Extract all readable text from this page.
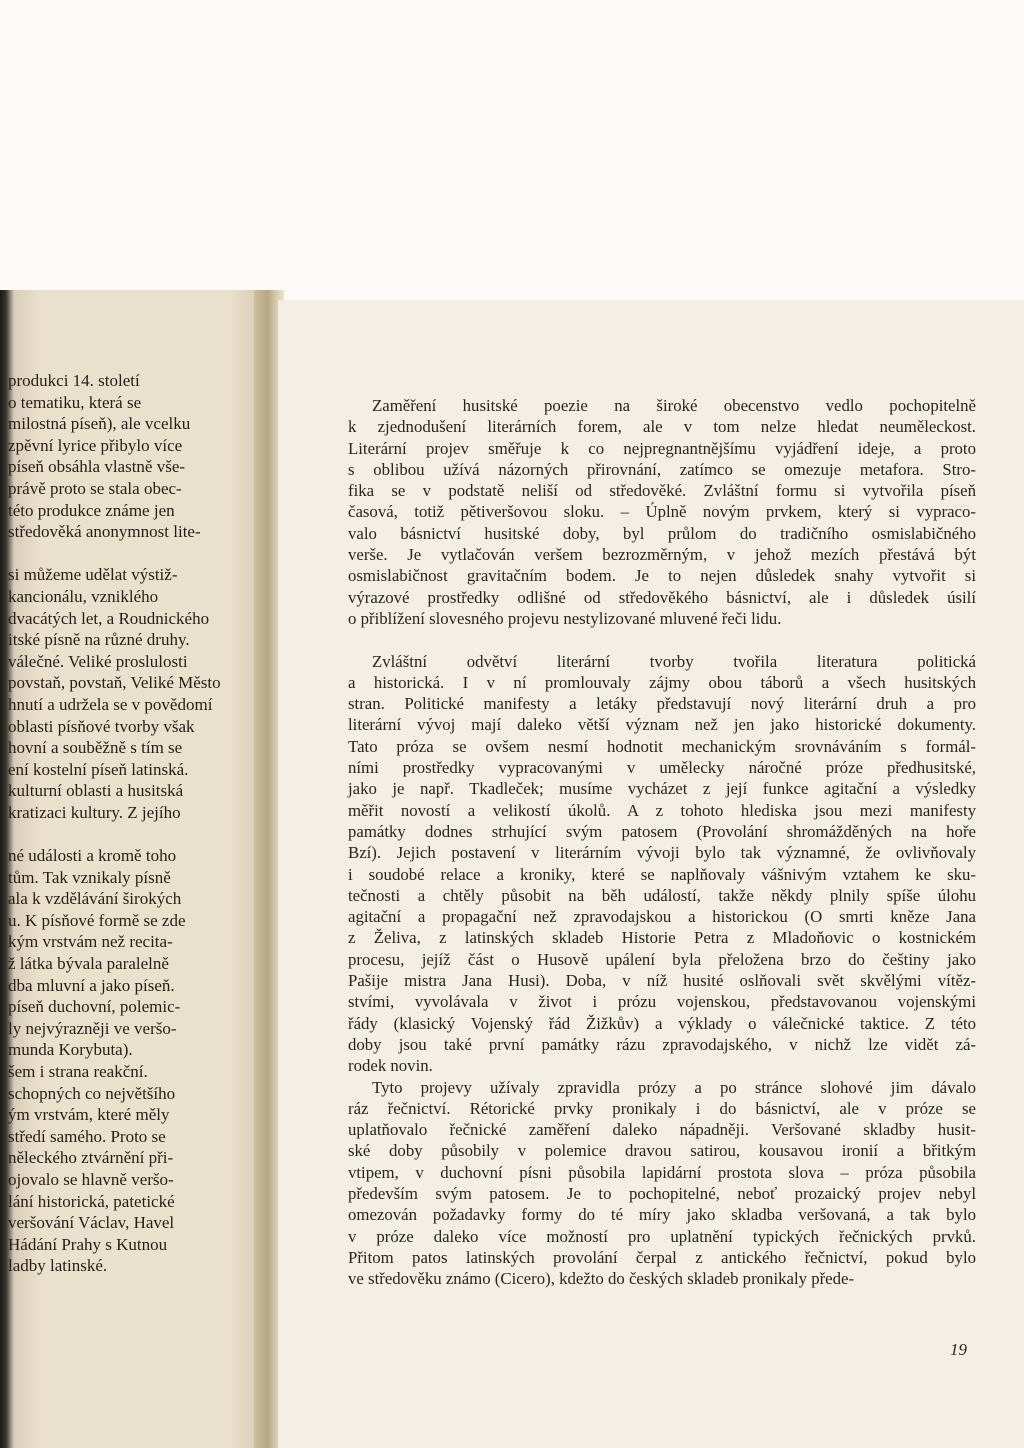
produkci 14. století
o tematiku, která se
milostná píseň), ale vcelku
zpěvní lyrice přibylo více
píseň obsáhla vlastně vše-
právě proto se stala obec-
této produkce známe jen
středověká anonymnost lite-
si můžeme udělat výstiž-
kancionálu, vzniklého
dvacátých let, a Roudnického
itské písně na různé druhy.
válečné. Veliké proslulosti
povstaň, povstaň, Veliké Město
hnutí a udržela se v povědomí
oblasti písňové tvorby však
hovní a souběžně s tím se
ení kostelní píseň latinská.
kulturní oblasti a husitská
kratizaci kultury. Z jejího
né události a kromě toho
tům. Tak vznikaly písně
ala k vzdělávání širokých
u. K písňové formě se zde
kým vrstvám než recita-
ž látka bývala paralelně
dba mluvní a jako píseň.
píseň duchovní, polemic-
ly nejvýrazněji ve veršo-
munda Korybuta).
šem i strana reakční.
schopných co největšího
ým vrstvám, které měly
středí samého. Proto se
něleckého ztvárnění při-
ojovalo se hlavně veršo-
lání historická, patetické
veršování Václav, Havel
Hádání Prahy s Kutnou
ladby latinské.
Zaměření husitské poezie na široké obecenstvo vedlo pochopitelně
k zjednodušení literárních forem, ale v tom nelze hledat neuměleckost.
Literární projev směřuje k co nejpregnantnějšímu vyjádření ideje, a proto
s oblibou užívá názorných přirovnání, zatímco se omezuje metafora. Stro-
fika se v podstatě neliší od středověké. Zvláštní formu si vytvořila píseň
časová, totiž pětiveršovou sloku. – Úplně novým prvkem, který si vypraco-
valo básnictví husitské doby, byl průlom do tradičního osmislabičného
verše. Je vytlačován veršem bezrozměrným, v jehož mezích přestává být
osmislabičnost gravitačním bodem. Je to nejen důsledek snahy vytvořit si
výrazové prostředky odlišné od středověkého básnictví, ale i důsledek úsilí
o přiblížení slovesného projevu nestylizované mluvené řeči lidu.
Zvláštní odvětví literární tvorby tvořila literatura politická
a historická. I v ní promlouvaly zájmy obou táborů a všech husitských
stran. Politické manifesty a letáky představují nový literární druh a pro
literární vývoj mají daleko větší význam než jen jako historické dokumenty.
Tato próza se ovšem nesmí hodnotit mechanickým srovnáváním s formál-
ními prostředky vypracovanými v umělecky náročné próze předhusitské,
jako je např. Tkadleček; musíme vycházet z její funkce agitační a výsledky
měřit novostí a velikostí úkolů. A z tohoto hlediska jsou mezi manifesty
památky dodnes strhující svým patosem (Provolání shromážděných na hoře
Bzí). Jejich postavení v literárním vývoji bylo tak významné, že ovlivňovaly
i soudobé relace a kroniky, které se naplňovaly vášnivým vztahem ke sku-
tečnosti a chtěly působit na běh událostí, takže někdy plnily spíše úlohu
agitační a propagační než zpravodajskou a historickou (O smrti kněze Jana
z Želiva, z latinských skladeb Historie Petra z Mladoňovic o kostnickém
procesu, jejíž část o Husově upálení byla přeložena brzo do češtiny jako
Pašije mistra Jana Husi). Doba, v níž husité oslňovali svět skvělými vítěz-
stvími, vyvolávala v život i prózu vojenskou, představovanou vojenskými
řády (klasický Vojenský řád Žižkův) a výklady o válečnické taktice. Z této
doby jsou také první památky rázu zpravodajského, v nichž lze vidět zá-
rodek novin.
Tyto projevy užívaly zpravidla prózy a po stránce slohové jim dávalo
ráz řečnictví. Rétorické prvky pronikaly i do básnictví, ale v próze se
uplatňovalo řečnické zaměření daleko nápadněji. Veršované skladby husit-
ské doby působily v polemice dravou satirou, kousavou ironií a břitkým
vtipem, v duchovní písni působila lapidární prostota slova – próza působila
především svým patosem. Je to pochopitelné, neboť prozaický projev nebyl
omezován požadavky formy do té míry jako skladba veršovaná, a tak bylo
v próze daleko více možností pro uplatnění typických řečnických prvků.
Přitom patos latinských provolání čerpal z antického řečnictví, pokud bylo
ve středověku známo (Cicero), kdežto do českých skladeb pronikaly přede-
19
